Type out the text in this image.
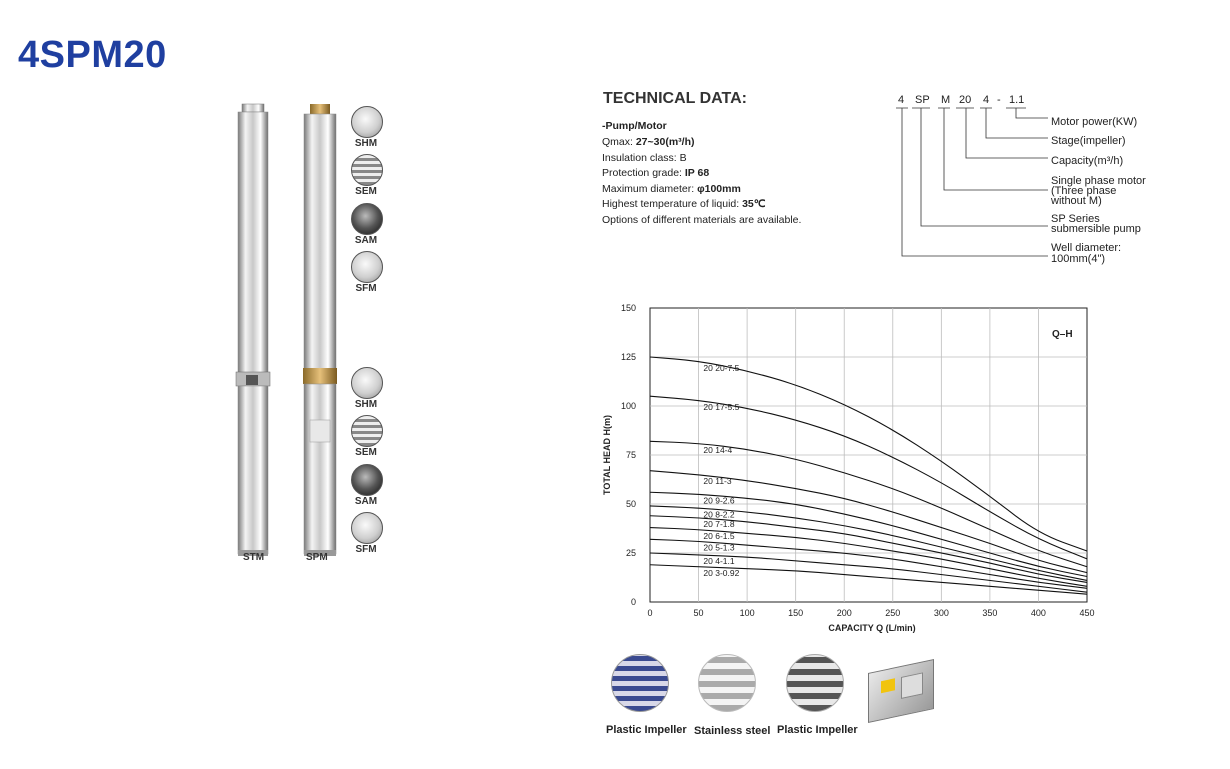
4SPM20
STM	SPM
SHM
SEM
SAM
SFM
SHM
SEM
SAM
SFM
TECHNICAL DATA:
-Pump/Motor
Qmax: 27~30(m³/h)
Insulation class: B
Protection grade: IP 68
Maximum diameter: φ100mm
Highest temperature of liquid: 35℃
Options of different materials are available.
4 SP M 20 4 - 1.1
Motor power(KW)
Stage(impeller)
Capacity(m³/h)
Single phase motor
(Three phase
without M)
SP Series
submersible pump
Well diameter:
100mm(4")
20 20-7.5
20 17-5.5
20 14-4
20 11-3
20 9-2.6
20 8-2.2
20 7-1.8
20 6-1.5
20 5-1.3
20 4-1.1
20 3-0.92
0	50	100	150	200	250	300	350	400	450
0
25
50
75
100
125
150
Q–H
CAPACITY Q (L/min)
TOTAL HEAD H(m)
Plastic Impeller Stainless steel Plastic Impeller
